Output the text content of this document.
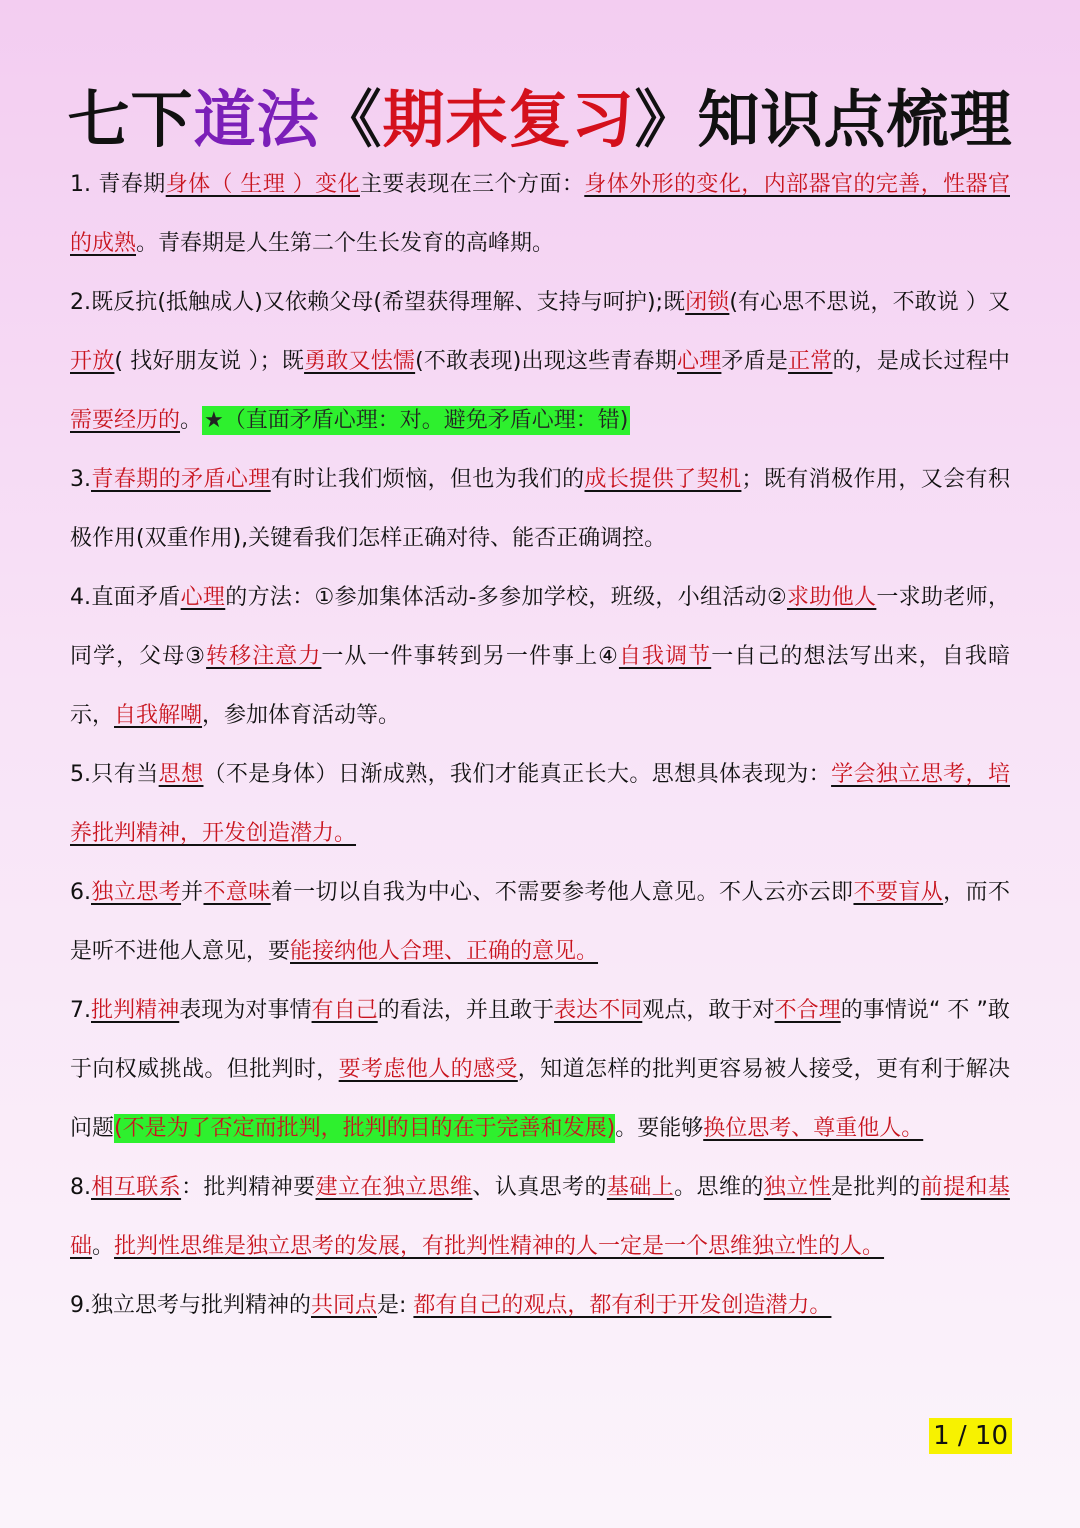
七下道法《期末复习》知识点梳理

1. 青春期身体（ 生理 ）变化主要表现在三个方面：身体外形的变化，内部器官的完善，性器官的成熟。青春期是人生第二个生长发育的高峰期。

2.既反抗(抵触成人)又依赖父母(希望获得理解、支持与呵护);既闭锁(有心思不思说，不敢说 ）又开放( 找好朋友说 ）；既勇敢又怯懦(不敢表现)出现这些青春期心理矛盾是正常的，是成长过程中需要经历的。★（直面矛盾心理：对。避免矛盾心理：错)

3.青春期的矛盾心理有时让我们烦恼，但也为我们的成长提供了契机；既有消极作用，又会有积极作用(双重作用),关键看我们怎样正确对待、能否正确调控。

4.直面矛盾心理的方法：①参加集体活动-多参加学校，班级，小组活动②求助他人一求助老师，同学，父母③转移注意力一从一件事转到另一件事上④自我调节一自己的想法写出来，自我暗示，自我解嘲，参加体育活动等。

5.只有当思想（不是身体）日渐成熟，我们才能真正长大。思想具体表现为：学会独立思考，培养批判精神，开发创造潜力。

6.独立思考并不意味着一切以自我为中心、不需要参考他人意见。不人云亦云即不要盲从，而不是听不进他人意见，要能接纳他人合理、正确的意见。

7.批判精神表现为对事情有自己的看法，并且敢于表达不同观点，敢于对不合理的事情说“ 不 ”敢于向权威挑战。但批判时，要考虑他人的感受，知道怎样的批判更容易被人接受，更有利于解决问题(不是为了否定而批判，批判的目的在于完善和发展)。要能够换位思考、尊重他人。

8.相互联系：批判精神要建立在独立思维、认真思考的基础上。思维的独立性是批判的前提和基础。批判性思维是独立思考的发展，有批判性精神的人一定是一个思维独立性的人。

9.独立思考与批判精神的共同点是: 都有自己的观点，都有利于开发创造潜力。

1 / 10
